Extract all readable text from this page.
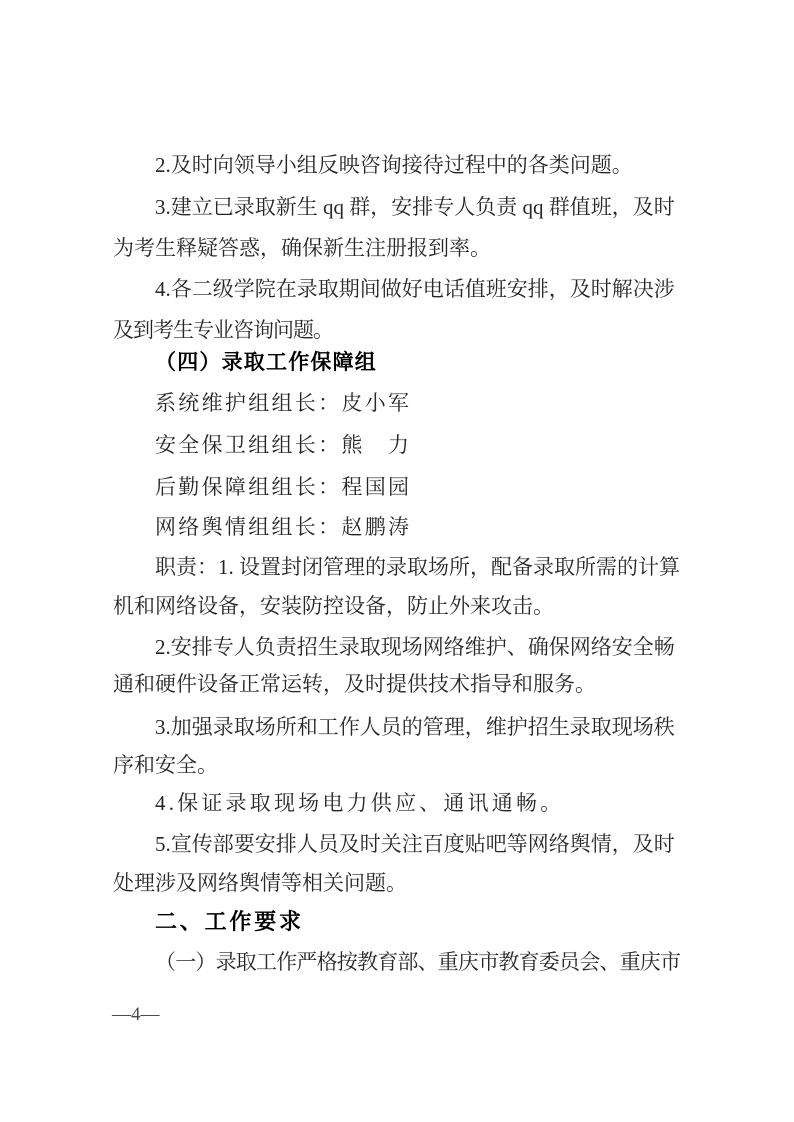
2.及时向领导小组反映咨询接待过程中的各类问题。
3.建立已录取新生 qq 群，安排专人负责 qq 群值班，及时
为考生释疑答惑，确保新生注册报到率。
4.各二级学院在录取期间做好电话值班安排，及时解决涉
及到考生专业咨询问题。
（四）录取工作保障组
系统维护组组长：皮小军
安全保卫组组长：熊　力
后勤保障组组长：程国园
网络舆情组组长：赵鹏涛
职责：1. 设置封闭管理的录取场所，配备录取所需的计算
机和网络设备，安装防控设备，防止外来攻击。
2.安排专人负责招生录取现场网络维护、确保网络安全畅
通和硬件设备正常运转，及时提供技术指导和服务。
3.加强录取场所和工作人员的管理，维护招生录取现场秩
序和安全。
4.保证录取现场电力供应、通讯通畅。
5.宣传部要安排人员及时关注百度贴吧等网络舆情，及时
处理涉及网络舆情等相关问题。
二、工作要求
（一）录取工作严格按教育部、重庆市教育委员会、重庆市
—4—
